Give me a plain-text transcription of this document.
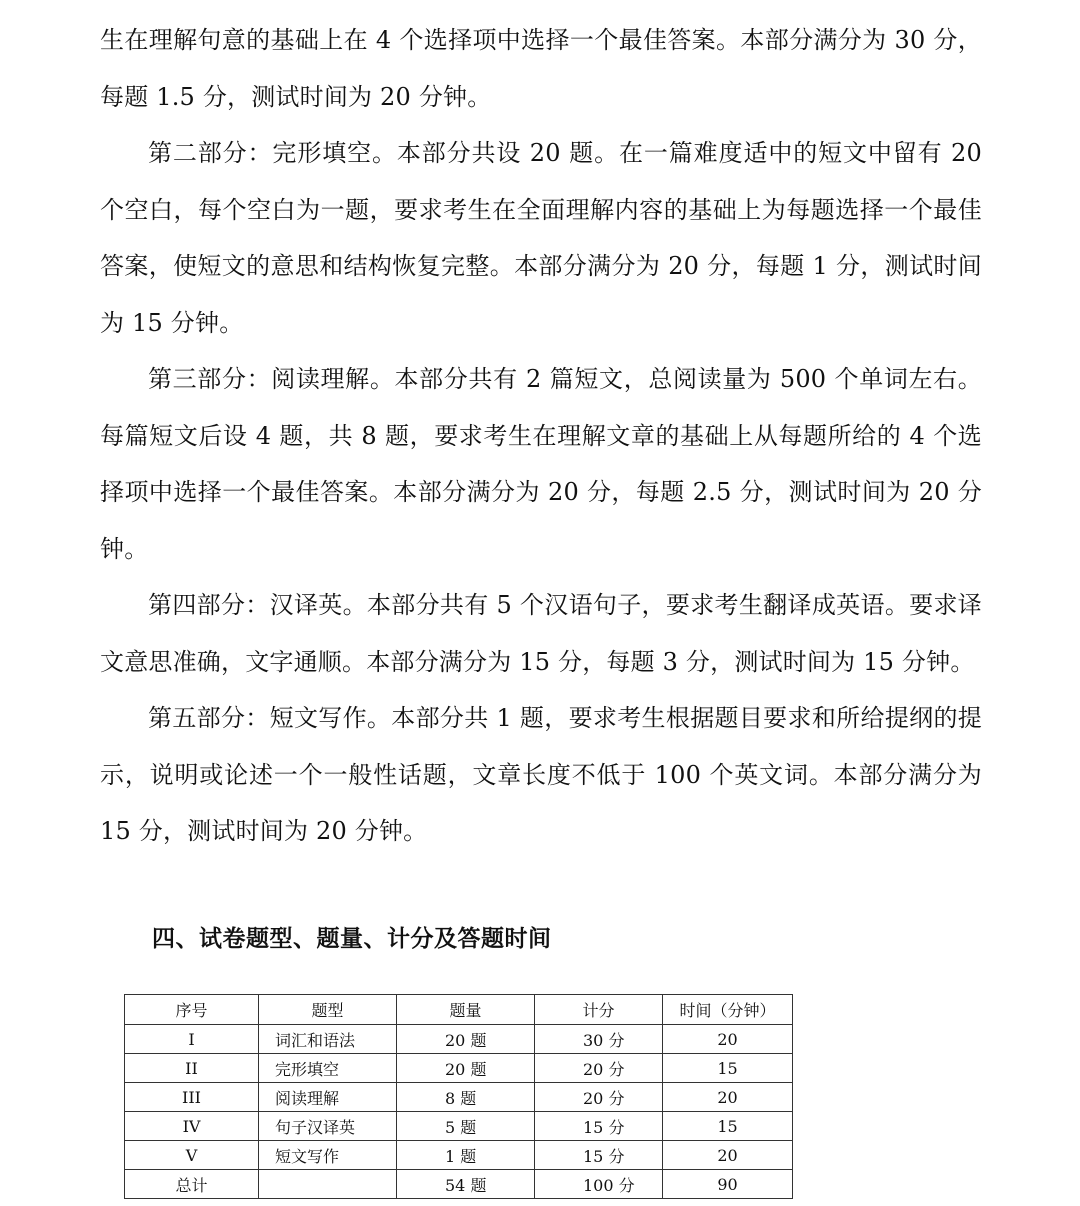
生在理解句意的基础上在 4 个选择项中选择一个最佳答案。本部分满分为 30 分，每题 1.5 分，测试时间为 20 分钟。

第二部分：完形填空。本部分共设 20 题。在一篇难度适中的短文中留有 20 个空白，每个空白为一题，要求考生在全面理解内容的基础上为每题选择一个最佳答案，使短文的意思和结构恢复完整。本部分满分为 20 分，每题 1 分，测试时间为 15 分钟。

第三部分：阅读理解。本部分共有 2 篇短文，总阅读量为 500 个单词左右。每篇短文后设 4 题，共 8 题，要求考生在理解文章的基础上从每题所给的 4 个选择项中选择一个最佳答案。本部分满分为 20 分，每题 2.5 分，测试时间为 20 分钟。

第四部分：汉译英。本部分共有 5 个汉语句子，要求考生翻译成英语。要求译文意思准确，文字通顺。本部分满分为 15 分，每题 3 分，测试时间为 15 分钟。

第五部分：短文写作。本部分共 1 题，要求考生根据题目要求和所给提纲的提示，说明或论述一个一般性话题，文章长度不低于 100 个英文词。本部分满分为 15 分，测试时间为 20 分钟。

四、试卷题型、题量、计分及答题时间
序号	题型	题量	计分	时间（分钟）
I	词汇和语法	20 题	30 分	20
II	完形填空	20 题	20 分	15
III	阅读理解	8 题	20 分	20
IV	句子汉译英	5 题	15 分	15
V	短文写作	1 题	15 分	20
总计		54 题	100 分	90
